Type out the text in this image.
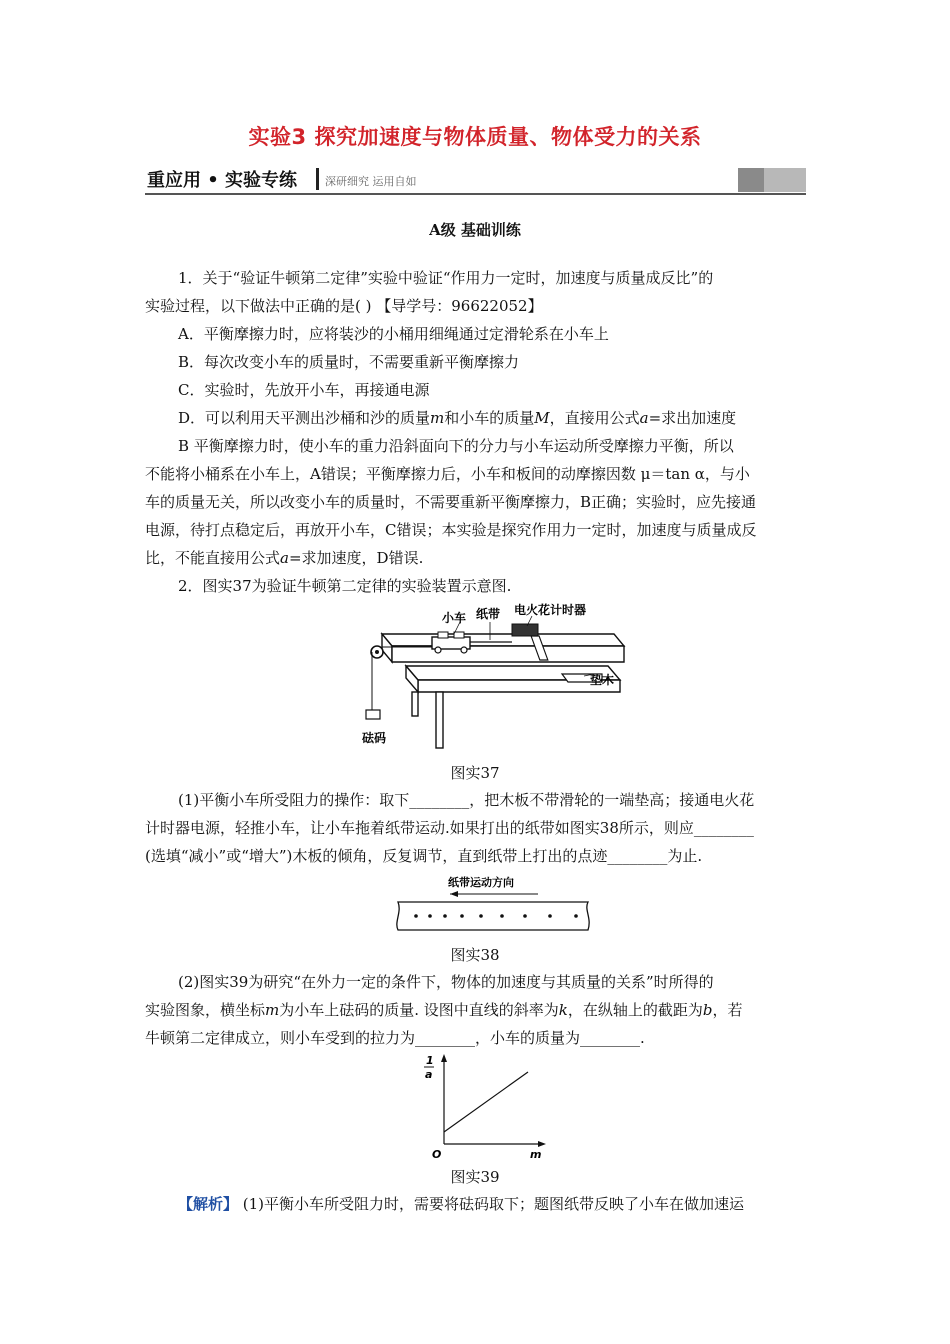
实验3 探究加速度与物体质量、物体受力的关系
重应用 • 实验专练	深研细究 运用自如
A级 基础训练
1．关于“验证牛顿第二定律”实验中验证“作用力一定时，加速度与质量成反比”的
实验过程，以下做法中正确的是( ) 【导学号：96622052】
A．平衡摩擦力时，应将装沙的小桶用细绳通过定滑轮系在小车上
B．每次改变小车的质量时，不需要重新平衡摩擦力
C．实验时，先放开小车，再接通电源
D．可以利用天平测出沙桶和沙的质量m和小车的质量M，直接用公式a=求出加速度
B 平衡摩擦力时，使小车的重力沿斜面向下的分力与小车运动所受摩擦力平衡，所以
不能将小桶系在小车上，A错误；平衡摩擦力后，小车和板间的动摩擦因数 μ＝tan α，与小
车的质量无关，所以改变小车的质量时，不需要重新平衡摩擦力，B正确；实验时，应先接通
电源，待打点稳定后，再放开小车，C错误；本实验是探究作用力一定时，加速度与质量成反
比，不能直接用公式a=求加速度，D错误.
2．图实37为验证牛顿第二定律的实验装置示意图.
小车 纸带 电火花计时器
垫木
砝码
图实37
(1)平衡小车所受阻力的操作：取下________，把木板不带滑轮的一端垫高；接通电火花
计时器电源，轻推小车，让小车拖着纸带运动.如果打出的纸带如图实38所示，则应________
(选填“减小”或“增大”)木板的倾角，反复调节，直到纸带上打出的点迹________为止.
纸带运动方向
图实38
(2)图实39为研究“在外力一定的条件下，物体的加速度与其质量的关系”时所得的
实验图象，横坐标m为小车上砝码的质量. 设图中直线的斜率为k，在纵轴上的截距为b，若
牛顿第二定律成立，则小车受到的拉力为________，小车的质量为________.
1
a
O	m
图实39
【解析】 (1)平衡小车所受阻力时，需要将砝码取下；题图纸带反映了小车在做加速运
